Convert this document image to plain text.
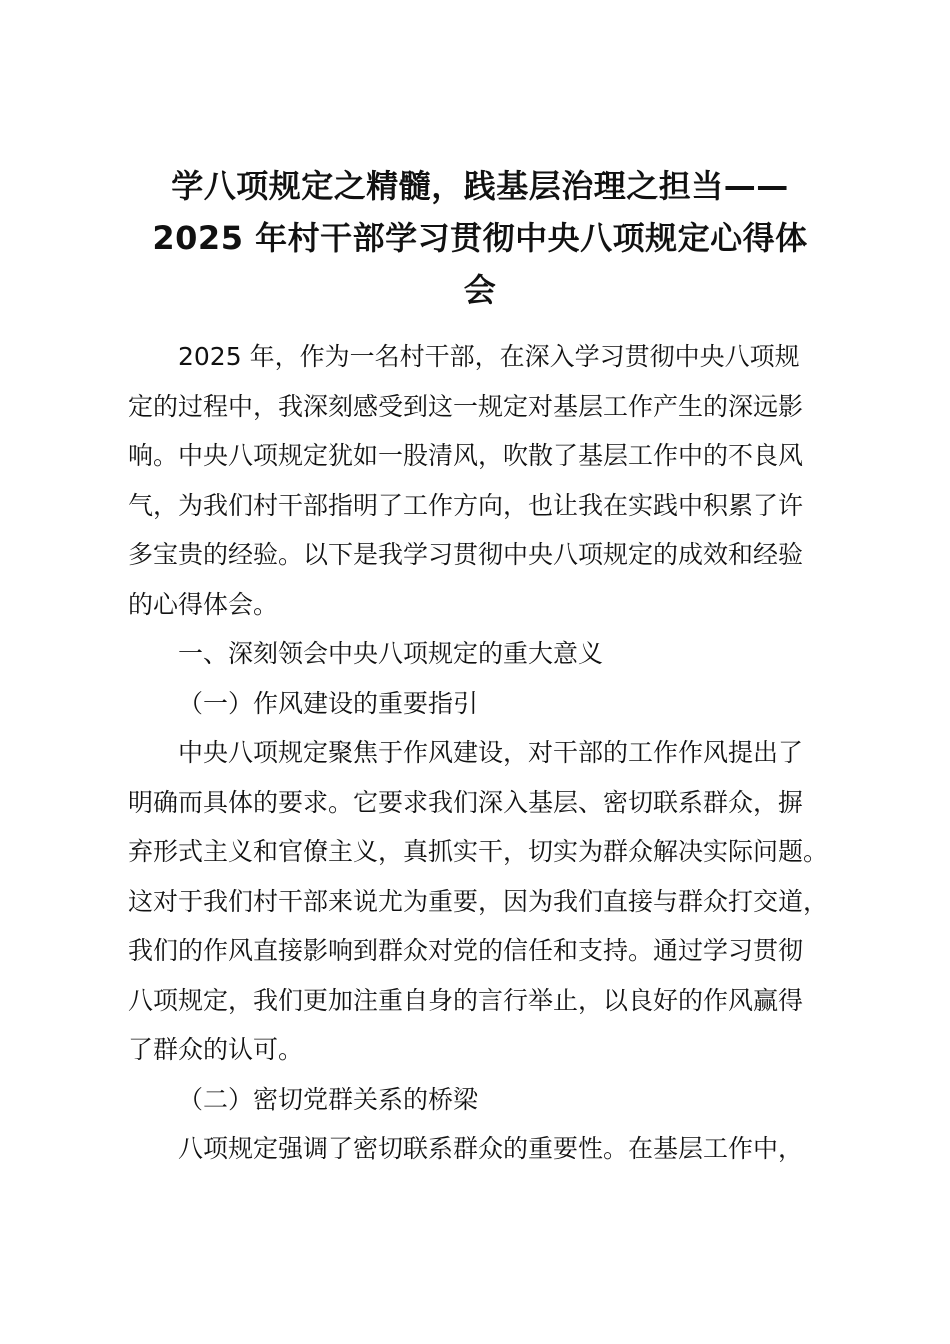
学八项规定之精髓，践基层治理之担当——
2025 年村干部学习贯彻中央八项规定心得体
会
2025 年，作为一名村干部，在深入学习贯彻中央八项规
定的过程中，我深刻感受到这一规定对基层工作产生的深远影
响。中央八项规定犹如一股清风，吹散了基层工作中的不良风
气，为我们村干部指明了工作方向，也让我在实践中积累了许
多宝贵的经验。以下是我学习贯彻中央八项规定的成效和经验
的心得体会。
一、深刻领会中央八项规定的重大意义
（一）作风建设的重要指引
中央八项规定聚焦于作风建设，对干部的工作作风提出了
明确而具体的要求。它要求我们深入基层、密切联系群众，摒
弃形式主义和官僚主义，真抓实干，切实为群众解决实际问题。
这对于我们村干部来说尤为重要，因为我们直接与群众打交道，
我们的作风直接影响到群众对党的信任和支持。通过学习贯彻
八项规定，我们更加注重自身的言行举止，以良好的作风赢得
了群众的认可。
（二）密切党群关系的桥梁
八项规定强调了密切联系群众的重要性。在基层工作中，
